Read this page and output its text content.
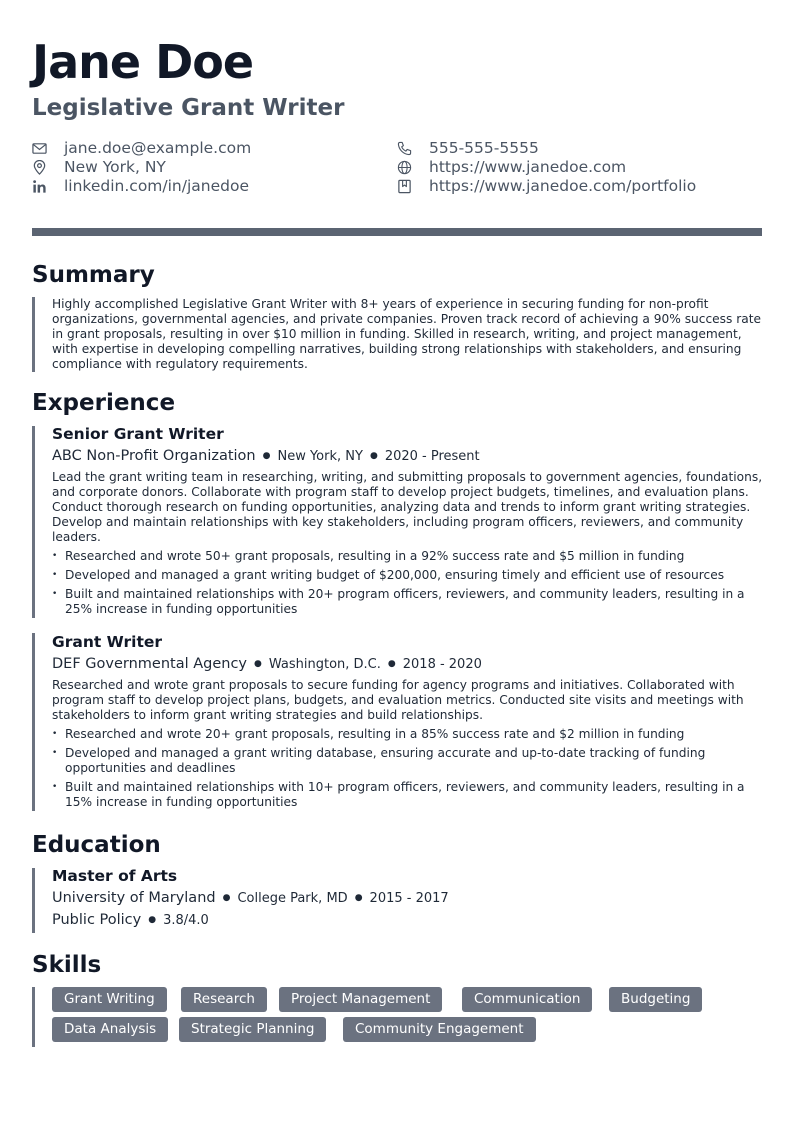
Jane Doe
Legislative Grant Writer
jane.doe@example.com	555-555-5555
New York, NY	https://www.janedoe.com
linkedin.com/in/janedoe	https://www.janedoe.com/portfolio
Summary
Highly accomplished Legislative Grant Writer with 8+ years of experience in securing funding for non-profit organizations, governmental agencies, and private companies. Proven track record of achieving a 90% success rate in grant proposals, resulting in over $10 million in funding. Skilled in research, writing, and project management, with expertise in developing compelling narratives, building strong relationships with stakeholders, and ensuring compliance with regulatory requirements.
Experience
Senior Grant Writer
ABC Non-Profit Organization ● New York, NY ● 2020 - Present
Lead the grant writing team in researching, writing, and submitting proposals to government agencies, foundations, and corporate donors. Collaborate with program staff to develop project budgets, timelines, and evaluation plans. Conduct thorough research on funding opportunities, analyzing data and trends to inform grant writing strategies. Develop and maintain relationships with key stakeholders, including program officers, reviewers, and community leaders.
• Researched and wrote 50+ grant proposals, resulting in a 92% success rate and $5 million in funding
• Developed and managed a grant writing budget of $200,000, ensuring timely and efficient use of resources
• Built and maintained relationships with 20+ program officers, reviewers, and community leaders, resulting in a 25% increase in funding opportunities
Grant Writer
DEF Governmental Agency ● Washington, D.C. ● 2018 - 2020
Researched and wrote grant proposals to secure funding for agency programs and initiatives. Collaborated with program staff to develop project plans, budgets, and evaluation metrics. Conducted site visits and meetings with stakeholders to inform grant writing strategies and build relationships.
• Researched and wrote 20+ grant proposals, resulting in a 85% success rate and $2 million in funding
• Developed and managed a grant writing database, ensuring accurate and up-to-date tracking of funding opportunities and deadlines
• Built and maintained relationships with 10+ program officers, reviewers, and community leaders, resulting in a 15% increase in funding opportunities
Education
Master of Arts
University of Maryland ● College Park, MD ● 2015 - 2017
Public Policy ● 3.8/4.0
Skills
Grant Writing	Research	Project Management	Communication	Budgeting
Data Analysis	Strategic Planning	Community Engagement
